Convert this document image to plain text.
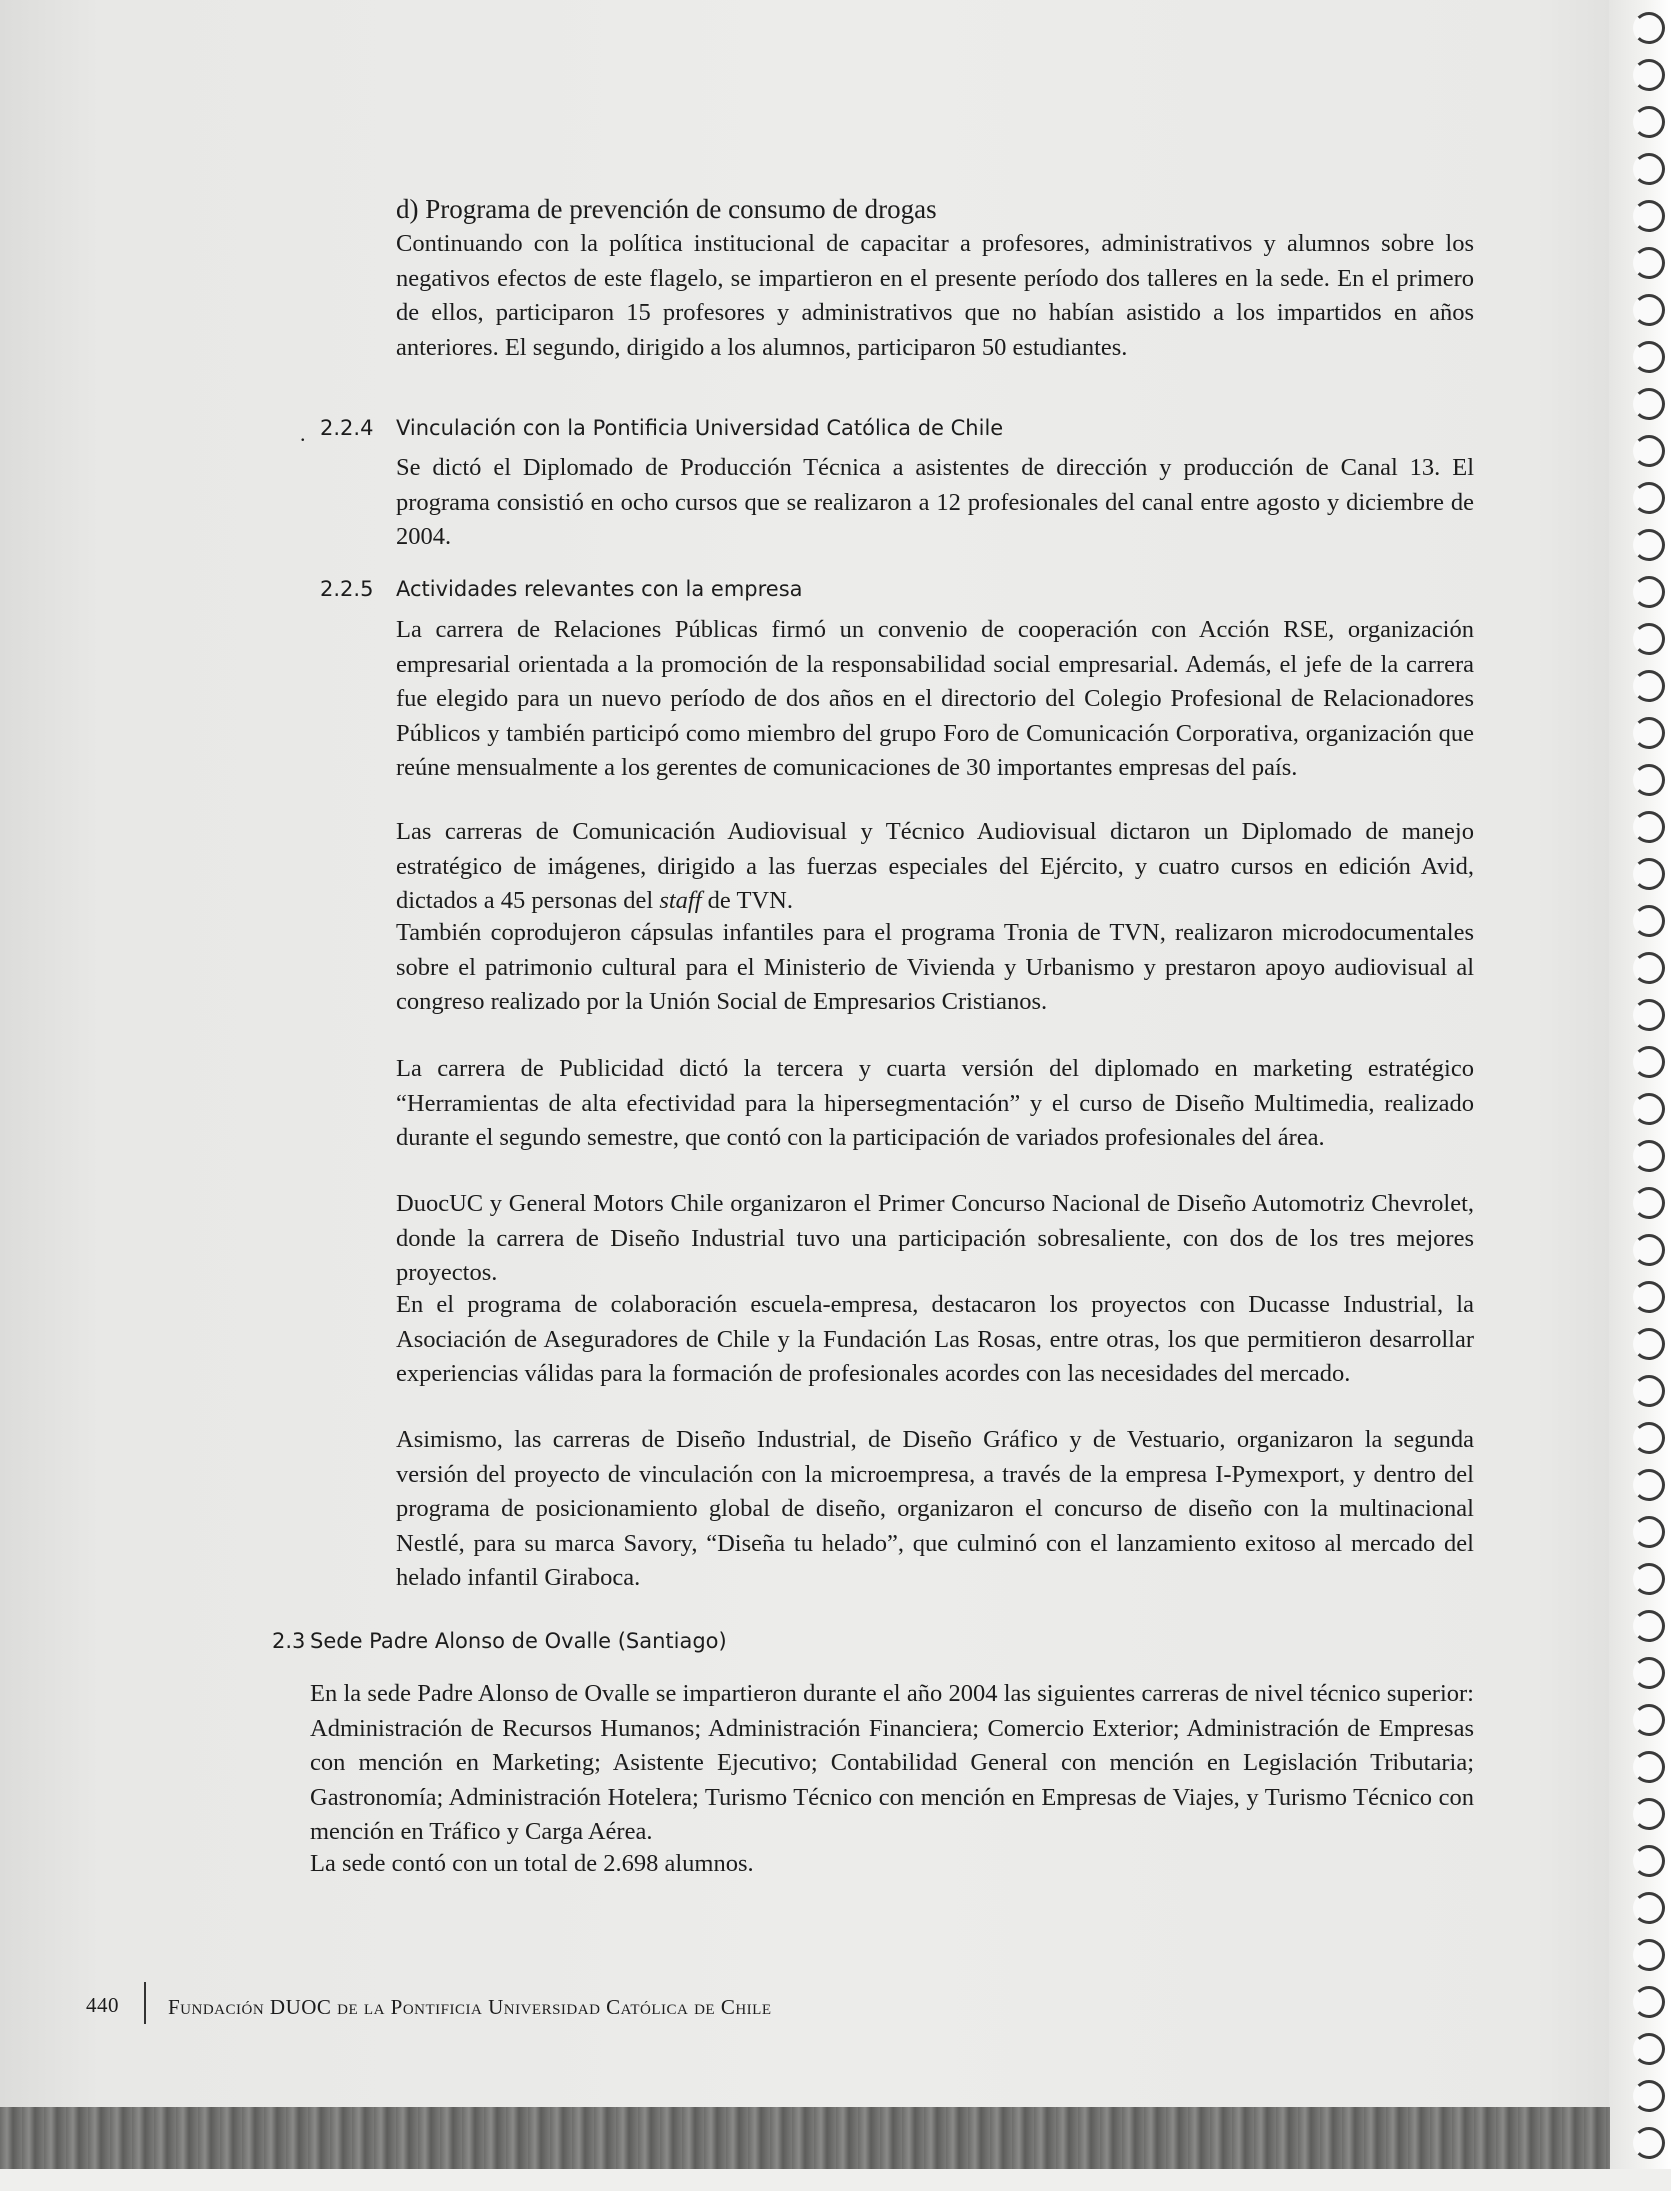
d) Programa de prevención de consumo de drogas

Continuando con la política institucional de capacitar a profesores, administrativos y alumnos sobre los negativos efectos de este flagelo, se impartieron en el presente período dos talleres en la sede. En el primero de ellos, participaron 15 profesores y administrativos que no habían asistido a los impartidos en años anteriores. El segundo, dirigido a los alumnos, participaron 50 estudiantes.

. 2.2.4 Vinculación con la Pontificia Universidad Católica de Chile

Se dictó el Diplomado de Producción Técnica a asistentes de dirección y producción de Canal 13. El programa consistió en ocho cursos que se realizaron a 12 profesionales del canal entre agosto y diciembre de 2004.

2.2.5 Actividades relevantes con la empresa

La carrera de Relaciones Públicas firmó un convenio de cooperación con Acción RSE, organización empresarial orientada a la promoción de la responsabilidad social empresarial. Además, el jefe de la carrera fue elegido para un nuevo período de dos años en el directorio del Colegio Profesional de Relacionadores Públicos y también participó como miembro del grupo Foro de Comunicación Corporativa, organización que reúne mensualmente a los gerentes de comunicaciones de 30 importantes empresas del país.

Las carreras de Comunicación Audiovisual y Técnico Audiovisual dictaron un Diplomado de manejo estratégico de imágenes, dirigido a las fuerzas especiales del Ejército, y cuatro cursos en edición Avid, dictados a 45 personas del staff de TVN.

También coprodujeron cápsulas infantiles para el programa Tronia de TVN, realizaron microdocumentales sobre el patrimonio cultural para el Ministerio de Vivienda y Urbanismo y prestaron apoyo audiovisual al congreso realizado por la Unión Social de Empresarios Cristianos.

La carrera de Publicidad dictó la tercera y cuarta versión del diplomado en marketing estratégico “Herramientas de alta efectividad para la hipersegmentación” y el curso de Diseño Multimedia, realizado durante el segundo semestre, que contó con la participación de variados profesionales del área.

DuocUC y General Motors Chile organizaron el Primer Concurso Nacional de Diseño Automotriz Chevrolet, donde la carrera de Diseño Industrial tuvo una participación sobresaliente, con dos de los tres mejores proyectos.

En el programa de colaboración escuela-empresa, destacaron los proyectos con Ducasse Industrial, la Asociación de Aseguradores de Chile y la Fundación Las Rosas, entre otras, los que permitieron desarrollar experiencias válidas para la formación de profesionales acordes con las necesidades del mercado.

Asimismo, las carreras de Diseño Industrial, de Diseño Gráfico y de Vestuario, organizaron la segunda versión del proyecto de vinculación con la microempresa, a través de la empresa I-Pymexport, y dentro del programa de posicionamiento global de diseño, organizaron el concurso de diseño con la multinacional Nestlé, para su marca Savory, “Diseña tu helado”, que culminó con el lanzamiento exitoso al mercado del helado infantil Giraboca.

2.3 Sede Padre Alonso de Ovalle (Santiago)

En la sede Padre Alonso de Ovalle se impartieron durante el año 2004 las siguientes carreras de nivel técnico superior: Administración de Recursos Humanos; Administración Financiera; Comercio Exterior; Administración de Empresas con mención en Marketing; Asistente Ejecutivo; Contabilidad General con mención en Legislación Tributaria; Gastronomía; Administración Hotelera; Turismo Técnico con mención en Empresas de Viajes, y Turismo Técnico con mención en Tráfico y Carga Aérea.

La sede contó con un total de 2.698 alumnos.

440 Fundación DUOC de la Pontificia Universidad Católica de Chile
